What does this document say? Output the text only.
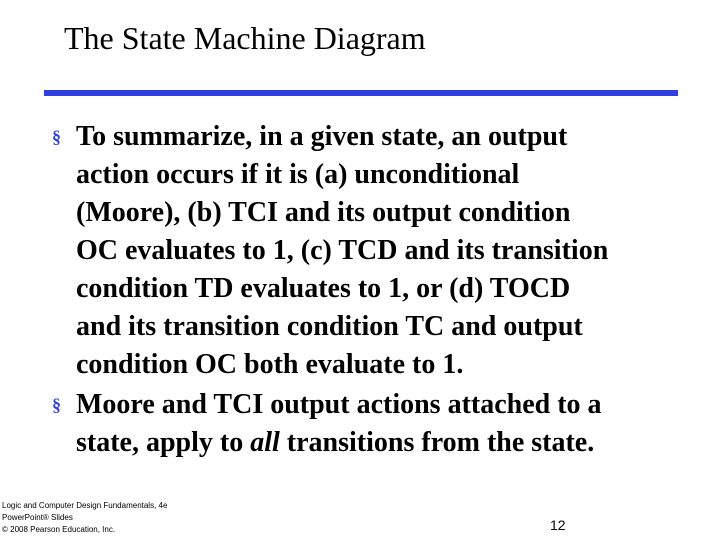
The State Machine Diagram
§ To summarize, in a given state, an output
action occurs if it is (a) unconditional
(Moore), (b) TCI and its output condition
OC evaluates to 1, (c) TCD and its transition
condition TD evaluates to 1, or (d) TOCD
and its transition condition TC and output
condition OC both evaluate to 1.
§ Moore and TCI output actions attached to a
state, apply to all transitions from the state.
Logic and Computer Design Fundamentals, 4e
PowerPoint® Slides
© 2008 Pearson Education, Inc.	12
